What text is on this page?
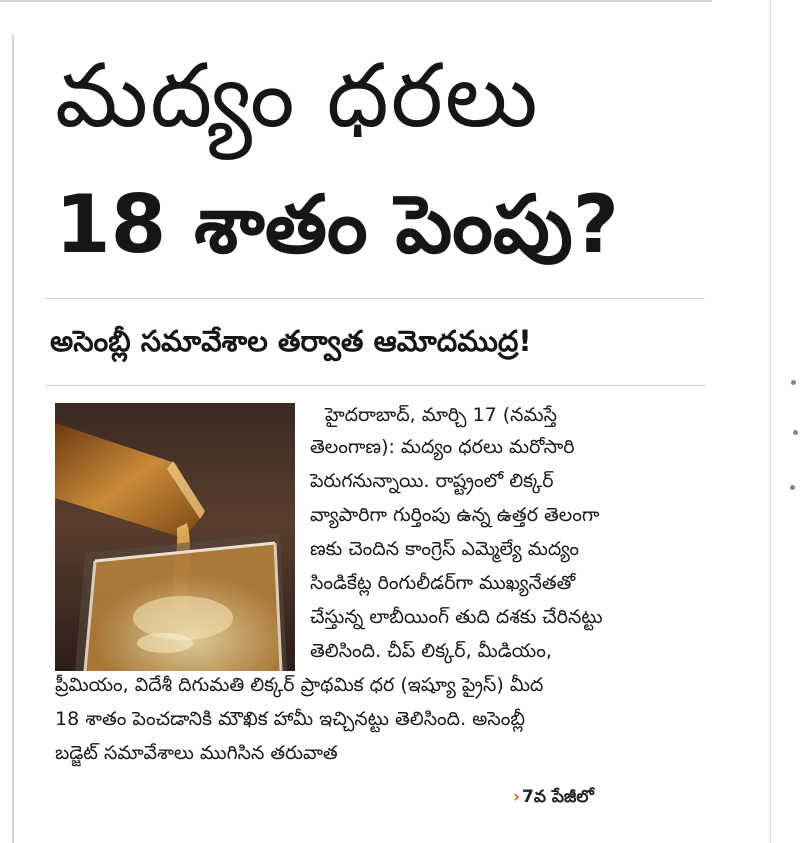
మద్యం ధరలు
18 శాతం పెంపు?
అసెంబ్లీ సమావేశాల తర్వాత ఆమోదముద్ర!
హైదరాబాద్, మార్చి 17 (నమస్తే
తెలంగాణ): మద్యం ధరలు మరోసారి
పెరుగనున్నాయి. రాష్ట్రంలో లిక్కర్
వ్యాపారిగా గుర్తింపు ఉన్న ఉత్తర తెలంగా
ణకు చెందిన కాంగ్రెస్ ఎమ్మెల్యే మద్యం
సిండికేట్ల రింగులీడర్‌గా ముఖ్యనేతతో
చేస్తున్న లాబీయింగ్ తుది దశకు చేరినట్టు
తెలిసింది. చీప్ లిక్కర్, మీడియం,
ప్రీమియం, విదేశీ దిగుమతి లిక్కర్ ప్రాథమిక ధర (ఇష్యూ ప్రైస్) మీద
18 శాతం పెంచడానికి మౌఖిక హామీ ఇచ్చినట్టు తెలిసింది. అసెంబ్లీ
బడ్జెట్ సమావేశాలు ముగిసిన తరువాత
› 7వ పేజీలో
